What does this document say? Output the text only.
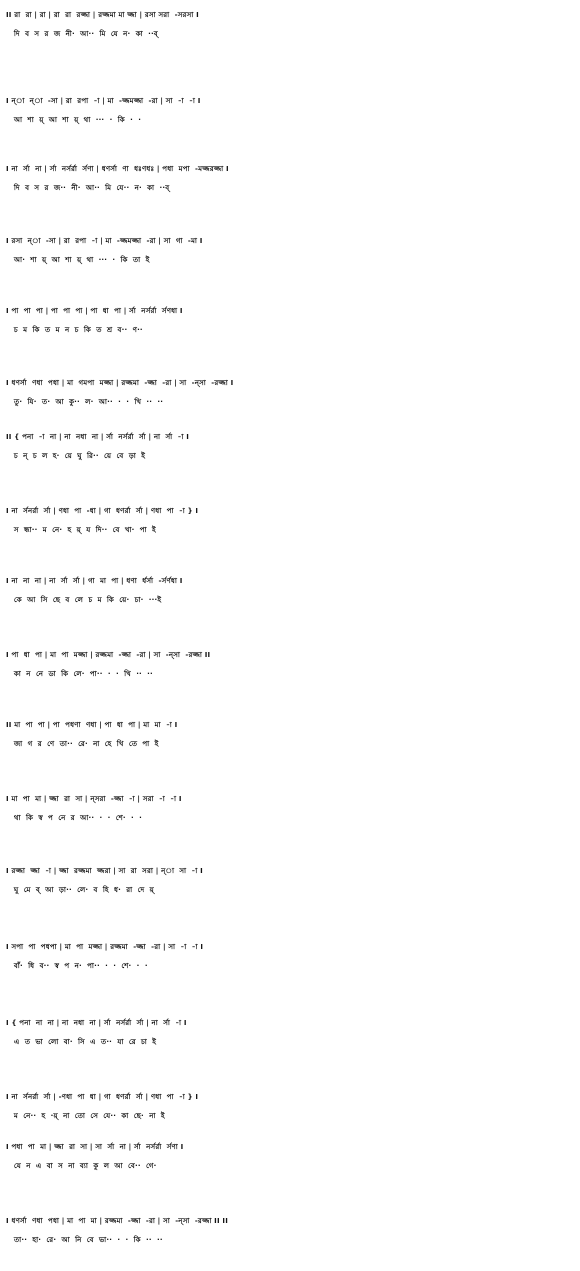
II রা  রা | রা | রা  রা  রজ্জা | রজ্জমা মা জ্জা | রসা সরা  -সরসা I
দি  ব  স  র  জ  নী·  আ··  মি  যে  ন·  কা  ··ব্
I ন্‌া  ন্‌া  -সা | রা  রপা  -া | মা  -জ্জমজ্জা  -রা | সা  -া  -া I
আ  শা  য়্  আ  শা  য়্  থা  ···  ·  কি  ·  ·
I না  র্সা  না | র্সা  নর্সর্রা  র্সণা | ধণর্সা  ণা  ধঃণধঃ | পধা  মপা  -মজ্জরজ্জা I
দি  ব  স  র  জ··  নী·  আ··  মি  যে··  ন·  কা  ··ব্
I রসা  ন্‌া  -সা | রা  রপা  -া | মা  -জ্জমজ্জা  -রা | সা  গা  -মা I
আ·  শা  য়্  আ  শা  য়্  থা  ···  ·  কি  তা  ই
I পা  পা  পা | পা  পা  পা | পা  ধা  পা | র্সা  নর্সর্রা  র্সণধা I
চ  ম  কি  ত  ম  ন  চ  কি  ত  শ্র  ব··  ণ··
I ধণর্সা  ণধা  পধা | মা  গমপা  মজ্জা | রজ্জমা  -জ্জা  -রা | সা  -ন্‌সা  -রজ্জা I
তু·  যি·  ত·  আ  কু··  ল·  আ··  ·  ·  খি  ··  ··
II { পনা  -া  না | না  নধা  না | র্সা  নর্সর্রা  র্সা | না  র্সা  -া I
চ  ন্  চ  ল  হ·  য়ে  ঘু  রি··  য়ে  বে  ড়া  ই
I না  র্সনর্রা  র্সা | ণধা  পা  -ধা | গা  ধণর্রা  র্সা | ণধা  পা  -া } I
স  ন্ধা··  ম  নে·  হ  য়্  য  দি··  বে  খা·  পা  ই
I না  না  না | না  র্সা  র্সা | গা  মা  পা | ধণা  র্ধর্সা  -র্সর্ণধা I
কে  আ  সি  ছে  ব  লে  চ  ম  কি  য়ে·  চা·  ···ই
I পা  ধা  পা | মা  পা  মজ্জা | রজ্জমা  -জ্জা  -রা | সা  -ন্‌সা  -রজ্জা II
কা  ন  নে  ডা  কি  লে·  পা··  ·  ·  খি  ··  ··
II মা  পা  পা | পা  পধণা  ণধা | পা  ধা  পা | মা  মা  -া I
জা  গ  র  ণে  তা··  রে·  না  হে  খি  তে  পা  ই
I মা  পা  মা | জ্জা  রা  সা | ন্‌সরা  -জ্জা  -া | সরা  -া  -া I
থা  কি  স্ব  প  নে  র  আ··  ·  ·  শে·  ·  ·
I রজ্জা  জ্জা  -া | জ্জা  রজ্জমা  জ্জরা | সা  রা  সরা | ন্‌া  সা  -া I
ঘু  মে  ব্  আ  ড়া··  লে·  ব  হি  ধ·  রা  দে  য়্
I সপা  পা  পধপা | মা  পা  মজ্জা | রজ্জমা  -জ্জা  -রা | সা  -া  -া I
বাঁ·  ধি  ব··  স্ব  প  ন·  পা··  ·  ·  শে·  ·  ·
I { পনা  না  না | না  নধা  না | র্সা  নর্সর্রা  র্সা | না  র্সা  -া I
এ  ত  ভা  লো  বা·  সি  এ  ত··  যা  রে  চা  ই
I না  র্সনর্রা  র্সা | -ণধা  পা  ধা | গা  ধণর্রা  র্সা | ণধা  পা  -া } I
ম  নে··  হ  ·য়্  না  তো  সে  যে··  কা  ছে·  না  ই
I পধা  পা  মা | জ্জা  রা  সা | সা  র্সা  না | র্সা  নর্সর্রা  র্সণা I
যে  ন  এ  বা  স  না  ব্যা  কু  ল  আ  বে··  গে·
I ধণর্সা  ণধা  পধা | মা  পা  মা | রজ্জমা  -জ্জা  -রা | সা  -ন্‌সা  -রজ্জা II II
তা··  হা·  রে·  আ  নি  বে  ভা··  ·  ·  কি  ··  ··
